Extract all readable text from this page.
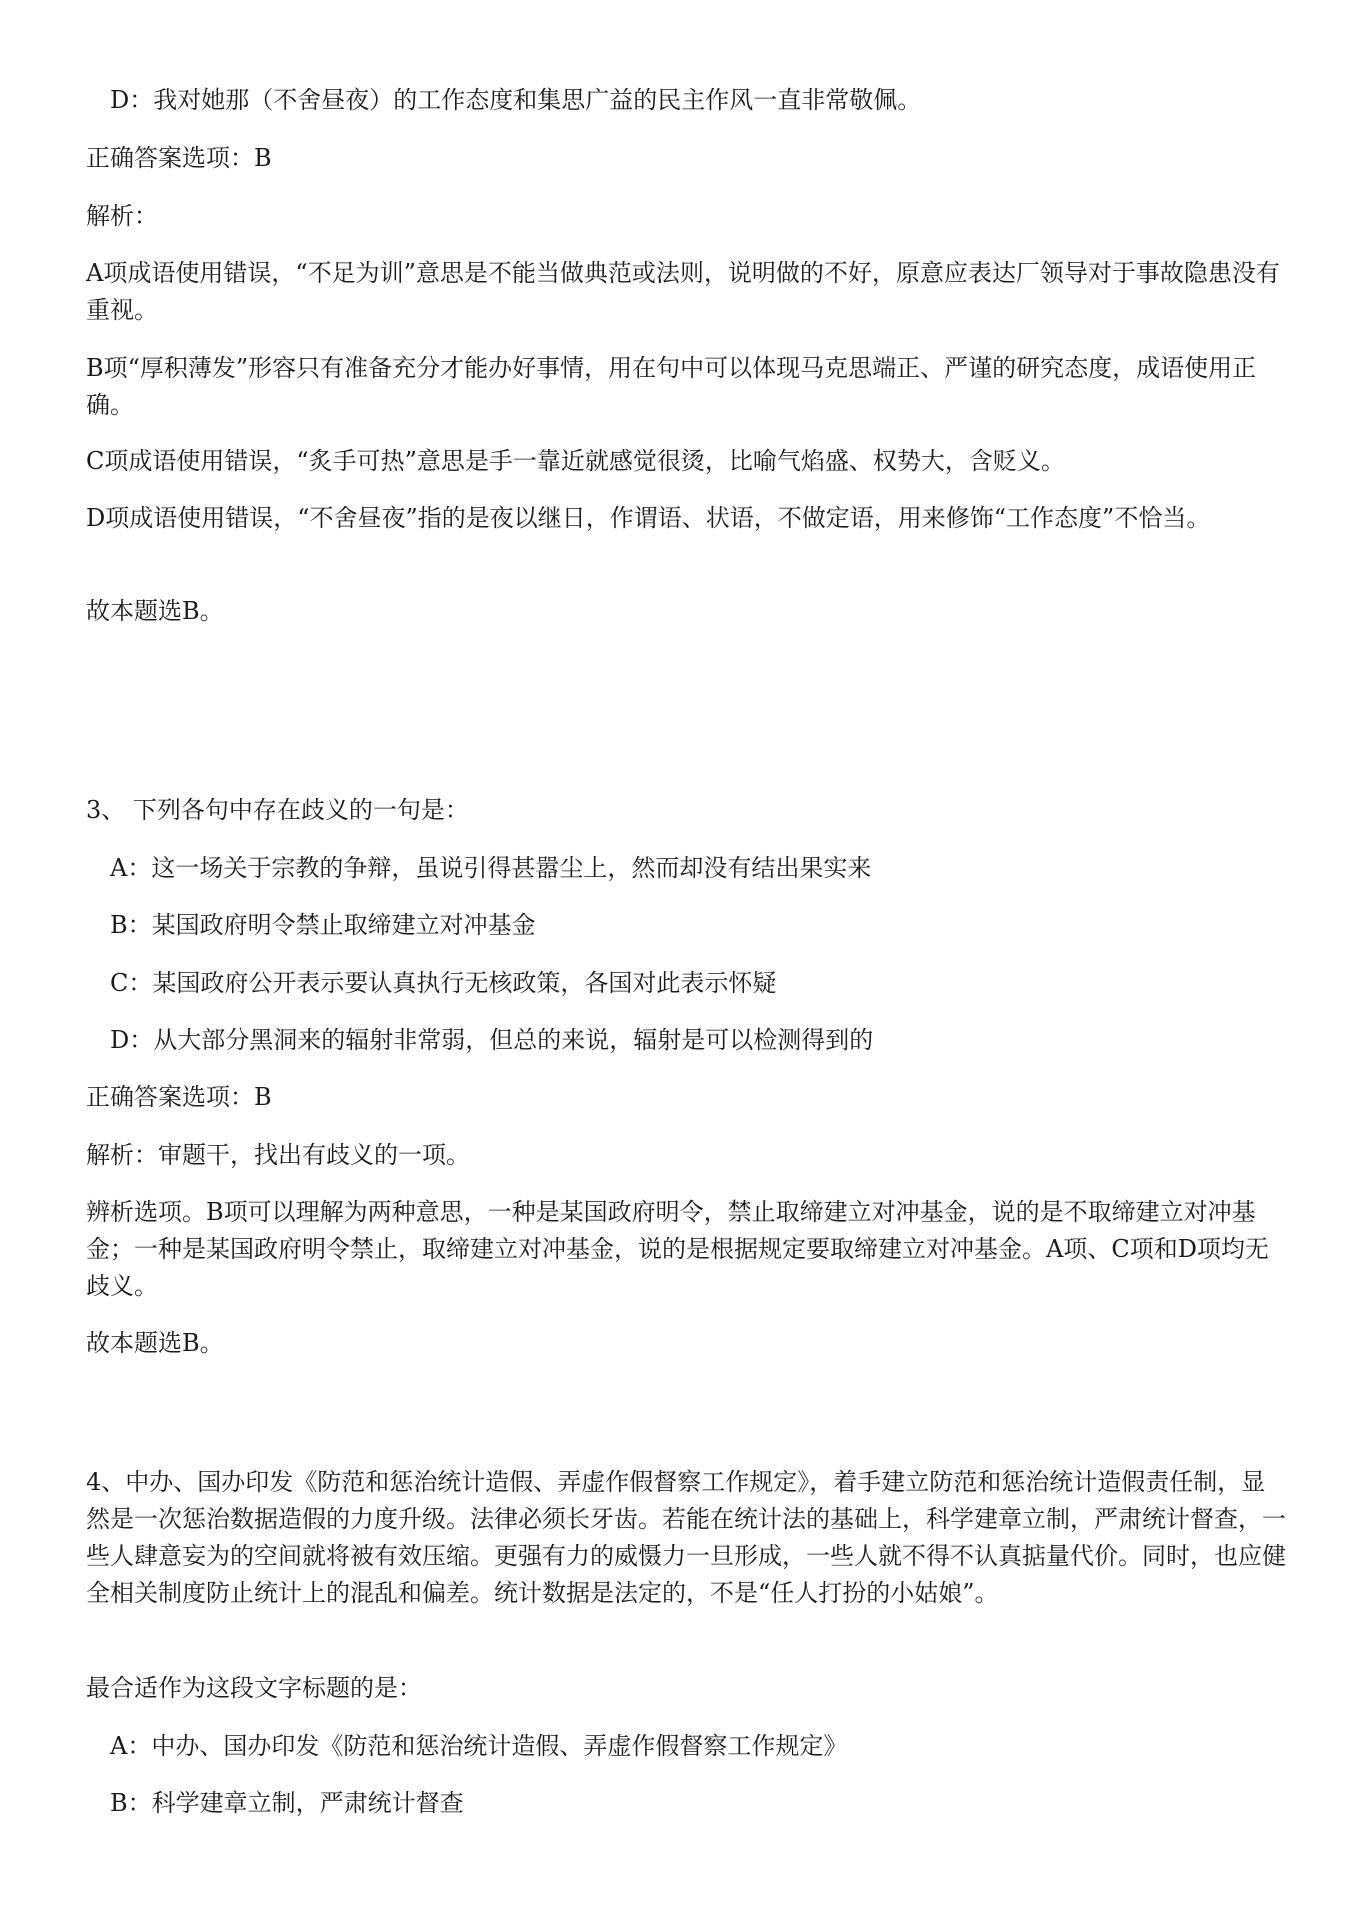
D：我对她那（不舍昼夜）的工作态度和集思广益的民主作风一直非常敬佩。
正确答案选项：B
解析：
A项成语使用错误，“不足为训”意思是不能当做典范或法则，说明做的不好，原意应表达厂领导对于事故隐患没有重视。
B项“厚积薄发”形容只有准备充分才能办好事情，用在句中可以体现马克思端正、严谨的研究态度，成语使用正确。
C项成语使用错误，“炙手可热”意思是手一靠近就感觉很烫，比喻气焰盛、权势大，含贬义。
D项成语使用错误，“不舍昼夜”指的是夜以继日，作谓语、状语，不做定语，用来修饰“工作态度”不恰当。
故本题选B。
3、 下列各句中存在歧义的一句是：
A：这一场关于宗教的争辩，虽说引得甚嚣尘上，然而却没有结出果实来
B：某国政府明令禁止取缔建立对冲基金
C：某国政府公开表示要认真执行无核政策，各国对此表示怀疑
D：从大部分黑洞来的辐射非常弱，但总的来说，辐射是可以检测得到的
正确答案选项：B
解析：审题干，找出有歧义的一项。
辨析选项。B项可以理解为两种意思，一种是某国政府明令，禁止取缔建立对冲基金，说的是不取缔建立对冲基金；一种是某国政府明令禁止，取缔建立对冲基金，说的是根据规定要取缔建立对冲基金。A项、C项和D项均无歧义。
故本题选B。
4、中办、国办印发《防范和惩治统计造假、弄虚作假督察工作规定》，着手建立防范和惩治统计造假责任制，显然是一次惩治数据造假的力度升级。法律必须长牙齿。若能在统计法的基础上，科学建章立制，严肃统计督查，一些人肆意妄为的空间就将被有效压缩。更强有力的威慑力一旦形成，一些人就不得不认真掂量代价。同时，也应健全相关制度防止统计上的混乱和偏差。统计数据是法定的，不是“任人打扮的小姑娘”。
最合适作为这段文字标题的是：
A：中办、国办印发《防范和惩治统计造假、弄虚作假督察工作规定》
B：科学建章立制，严肃统计督查
